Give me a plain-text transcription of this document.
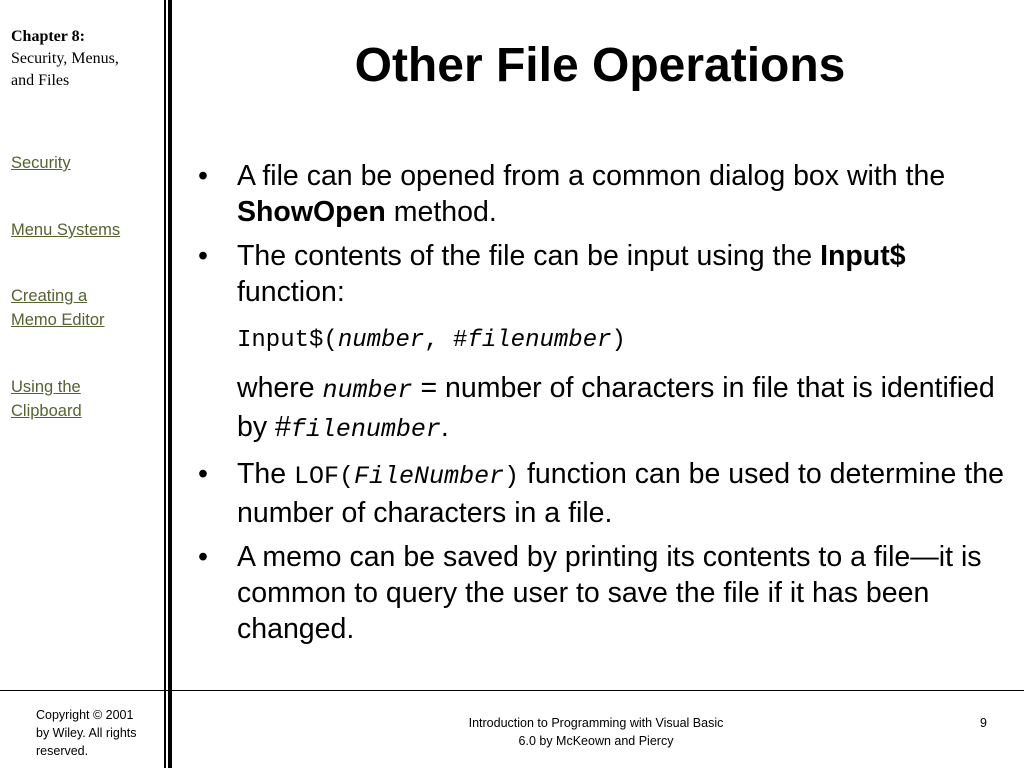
Chapter 8:
Security, Menus,
and Files
Security
Menu Systems
Creating a
Memo Editor
Using the
Clipboard
Other File Operations
• A file can be opened from a common dialog box with the ShowOpen method.
• The contents of the file can be input using the Input$ function:
Input$(number, #filenumber)
where number = number of characters in file that is identified by #filenumber.
• The LOF(FileNumber) function can be used to determine the number of characters in a file.
• A memo can be saved by printing its contents to a file—it is common to query the user to save the file if it has been changed.
Copyright © 2001
by Wiley. All rights
reserved.
Introduction to Programming with Visual Basic
6.0 by McKeown and Piercy
9
